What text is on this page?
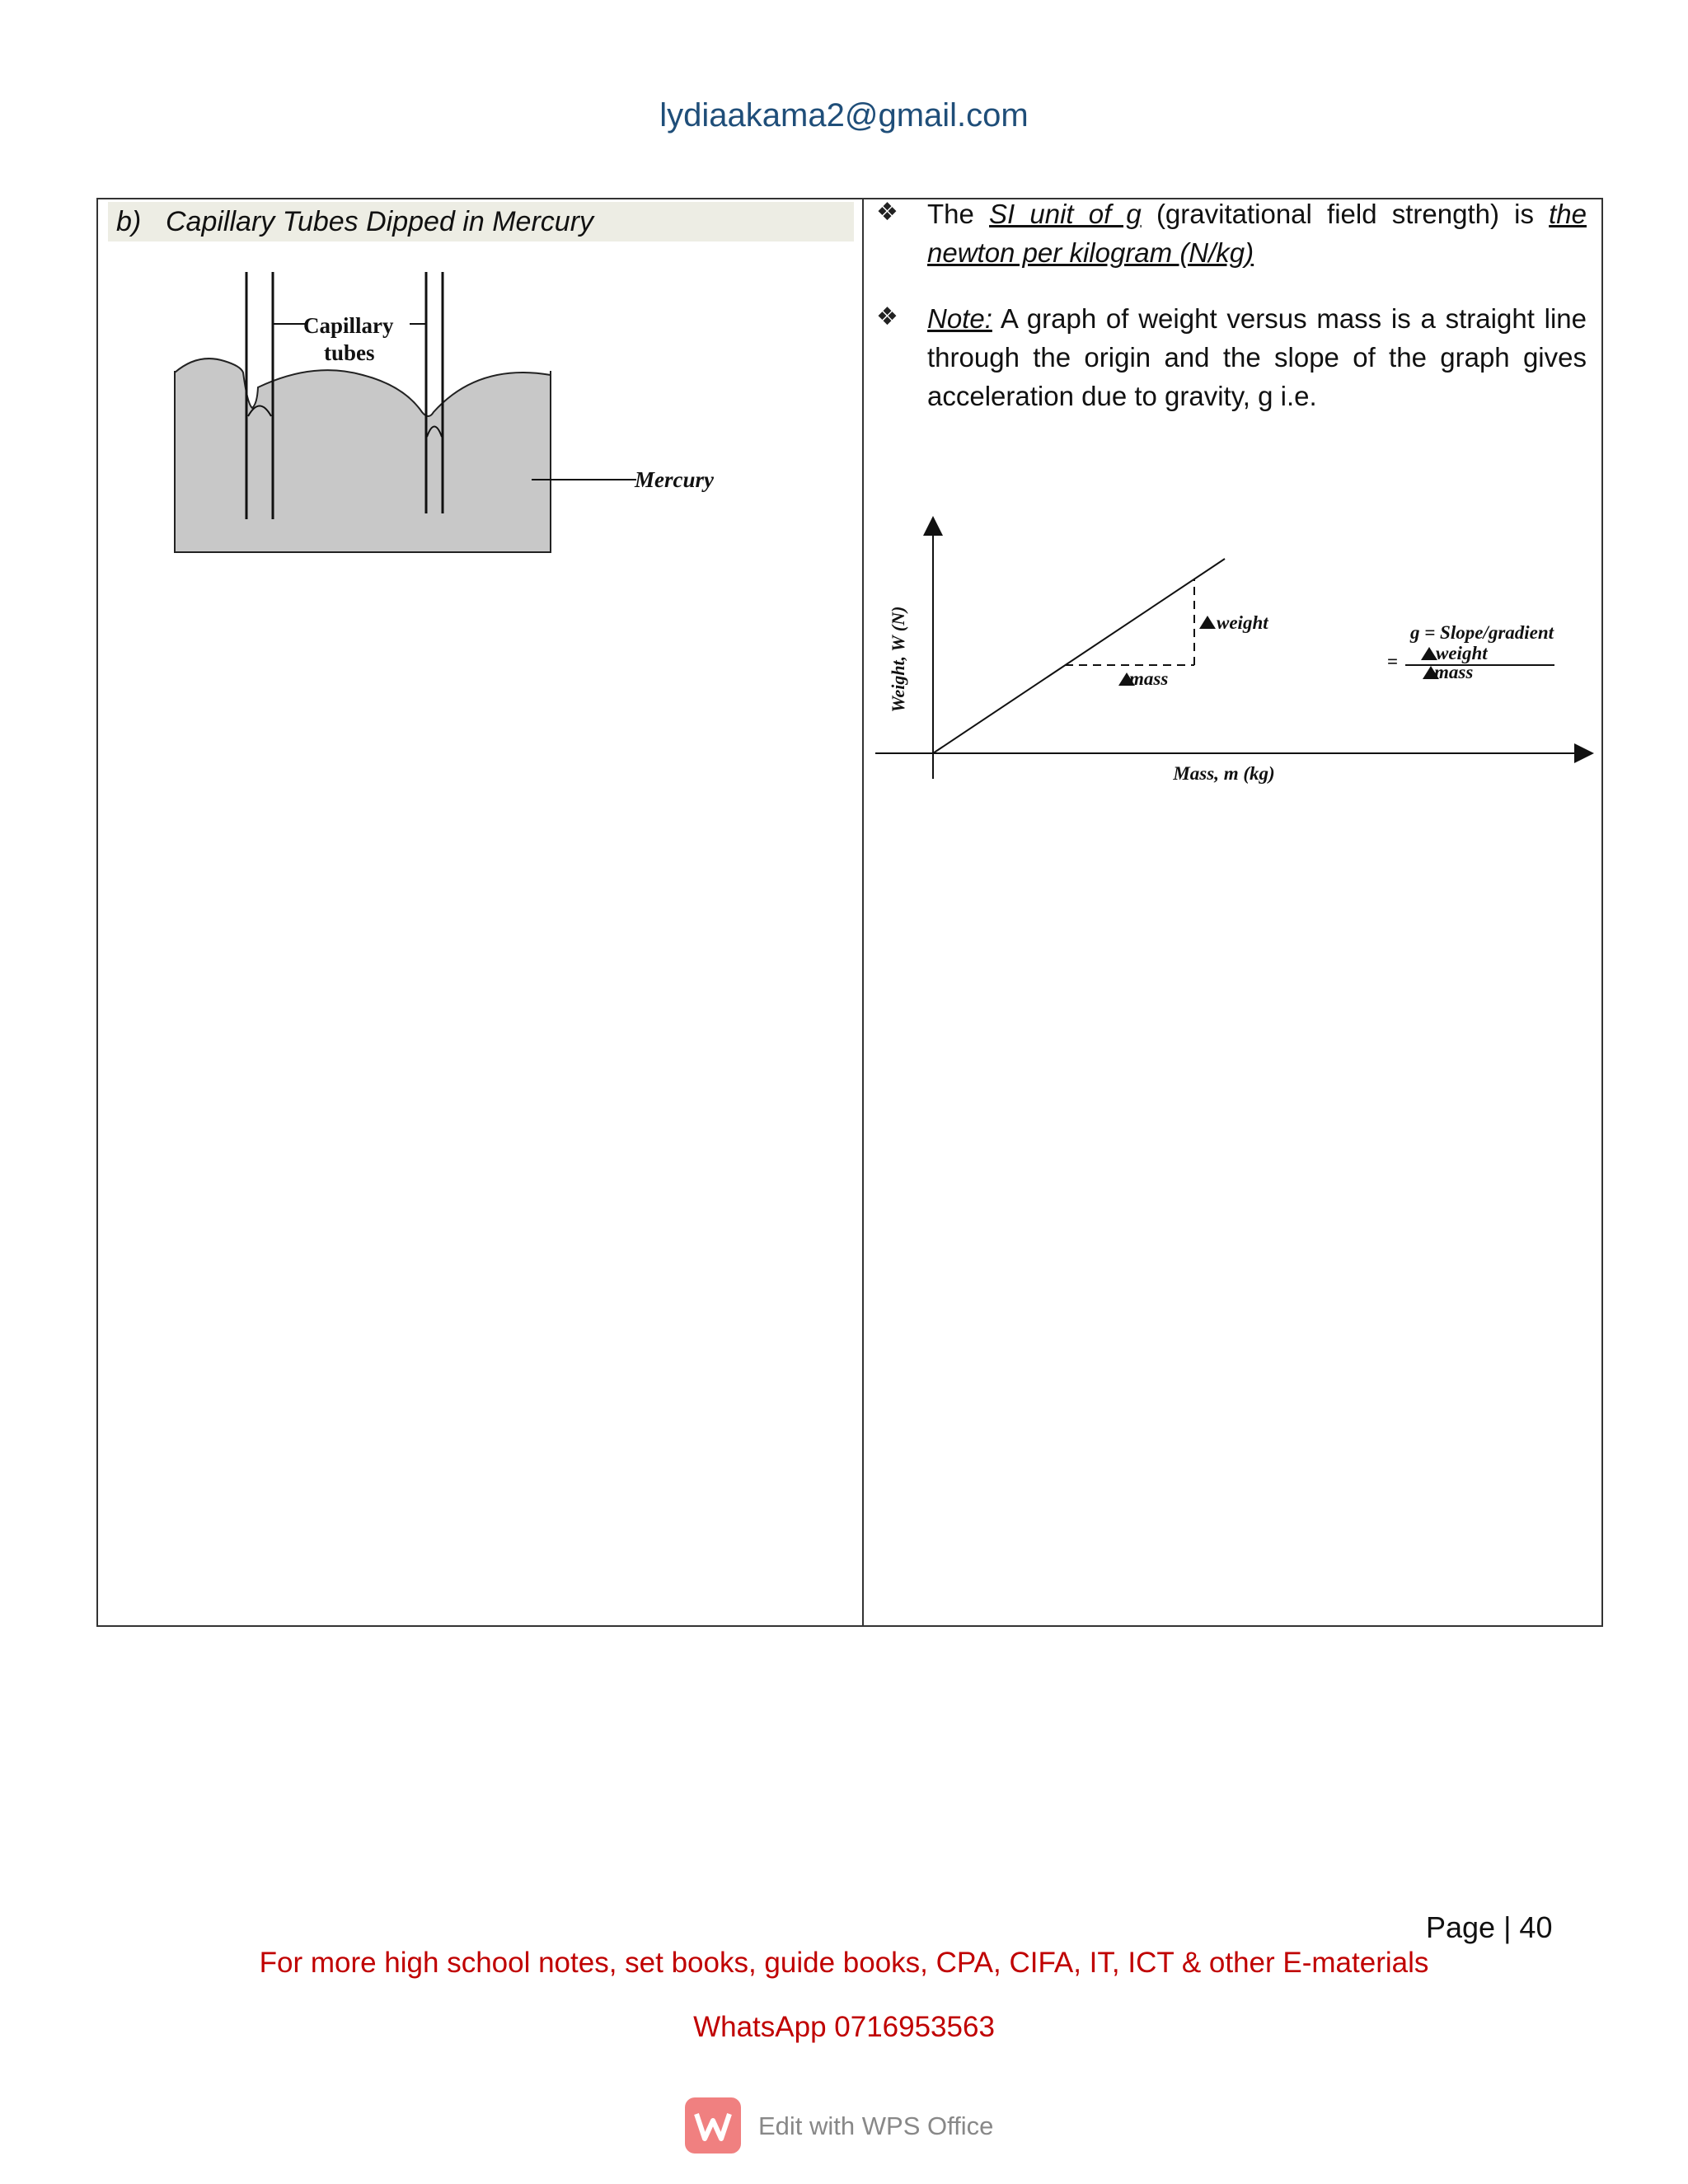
lydiaakama2@gmail.com
b) Capillary Tubes Dipped in Mercury
Capillary
tubes
Mercury
❖ The SI unit of g (gravitational field strength) is the newton per kilogram (N/kg)
❖ Note: A graph of weight versus mass is a straight line through the origin and the slope of the graph gives acceleration due to gravity, g i.e.
weight
mass
Weight, W (N)
Mass, m (kg)
g = Slope/gradient
= weight
mass
Page | 40
For more high school notes, set books, guide books, CPA, CIFA, IT, ICT & other E-materials
WhatsApp 0716953563
Edit with WPS Office
